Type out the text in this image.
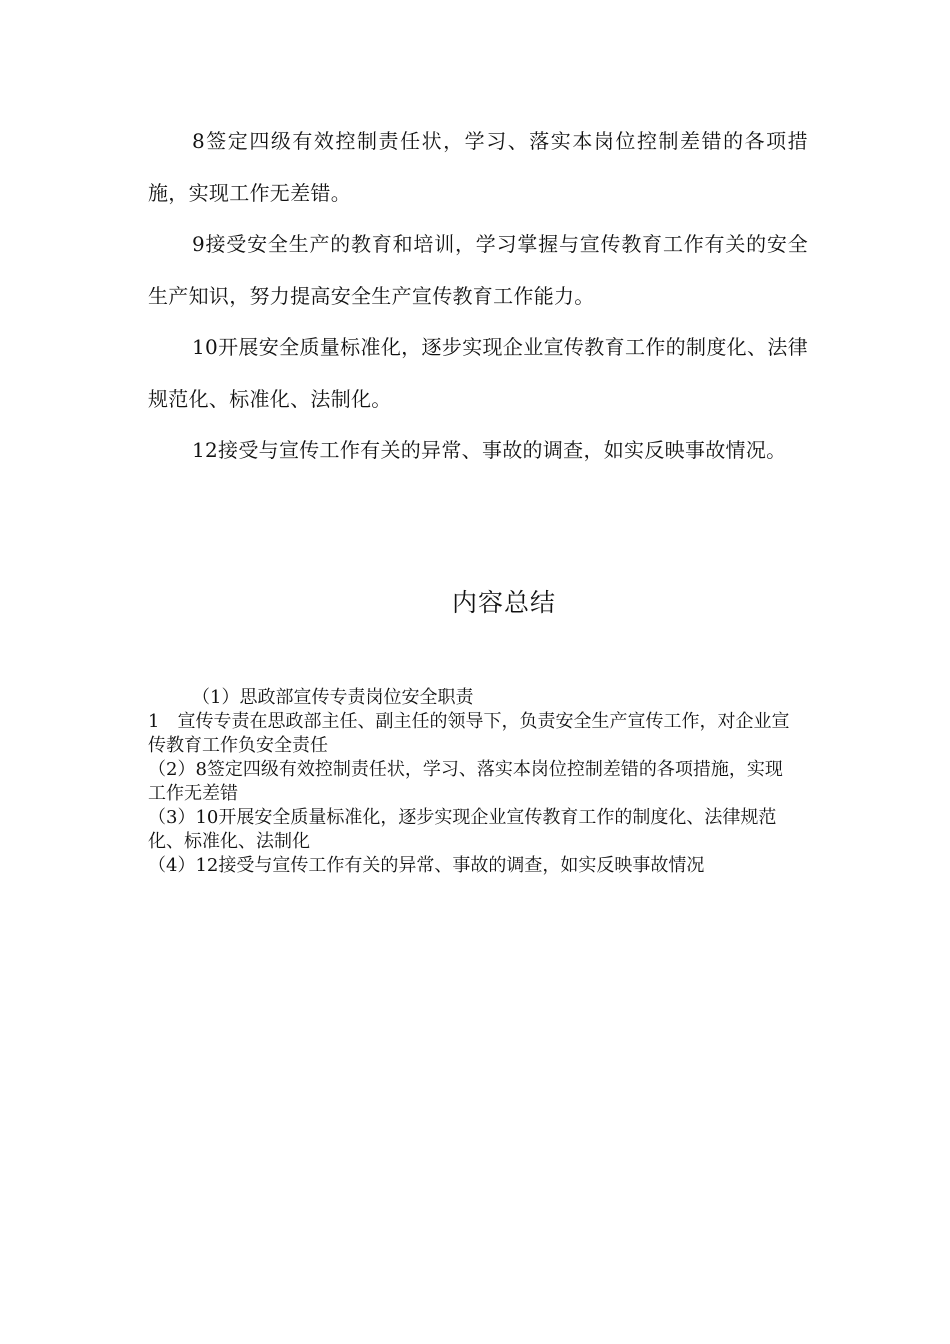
8签定四级有效控制责任状，学习、落实本岗位控制差错的各项措施，实现工作无差错。

9接受安全生产的教育和培训，学习掌握与宣传教育工作有关的安全生产知识，努力提高安全生产宣传教育工作能力。

10开展安全质量标准化，逐步实现企业宣传教育工作的制度化、法律规范化、标准化、法制化。

12接受与宣传工作有关的异常、事故的调查，如实反映事故情况。

内容总结

（1）思政部宣传专责岗位安全职责

1　宣传专责在思政部主任、副主任的领导下，负责安全生产宣传工作，对企业宣传教育工作负安全责任

（2）8签定四级有效控制责任状，学习、落实本岗位控制差错的各项措施，实现工作无差错

（3）10开展安全质量标准化，逐步实现企业宣传教育工作的制度化、法律规范化、标准化、法制化

（4）12接受与宣传工作有关的异常、事故的调查，如实反映事故情况
